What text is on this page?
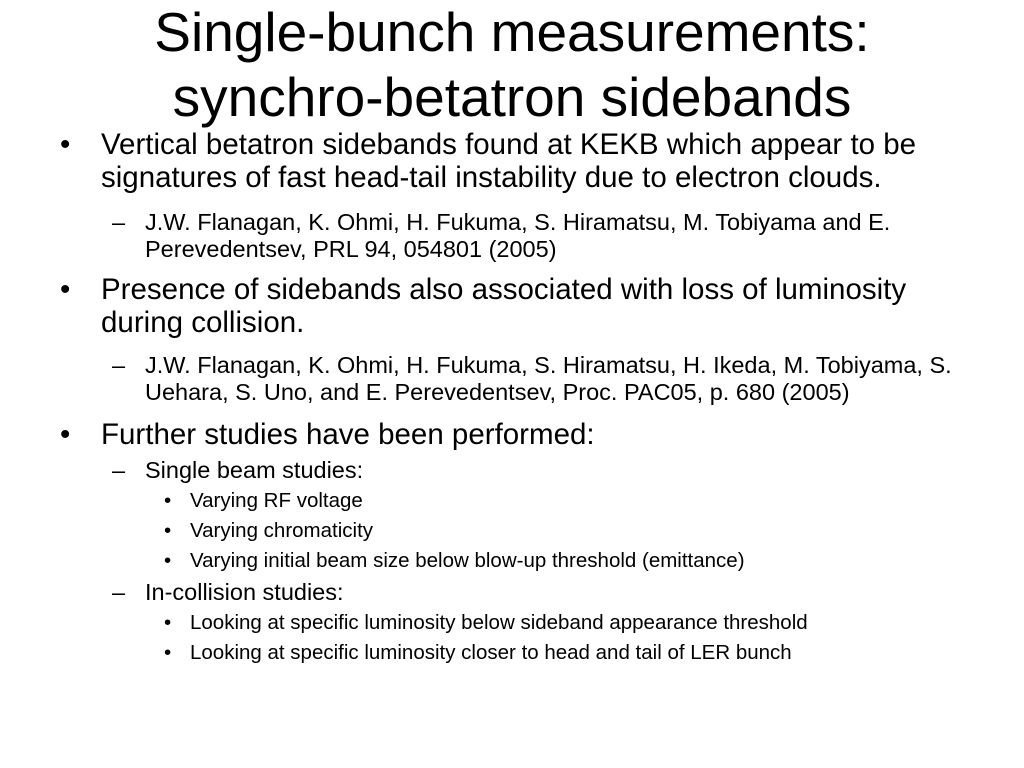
Single-bunch measurements:
synchro-betatron sidebands
• Vertical betatron sidebands found at KEKB which appear to be signatures of fast head-tail instability due to electron clouds.
– J.W. Flanagan, K. Ohmi, H. Fukuma, S. Hiramatsu, M. Tobiyama and E. Perevedentsev, PRL 94, 054801 (2005)
• Presence of sidebands also associated with loss of luminosity during collision.
– J.W. Flanagan, K. Ohmi, H. Fukuma, S. Hiramatsu, H. Ikeda, M. Tobiyama, S. Uehara, S. Uno, and E. Perevedentsev, Proc. PAC05, p. 680 (2005)
• Further studies have been performed:
– Single beam studies:
• Varying RF voltage
• Varying chromaticity
• Varying initial beam size below blow-up threshold (emittance)
– In-collision studies:
• Looking at specific luminosity below sideband appearance threshold
• Looking at specific luminosity closer to head and tail of LER bunch
